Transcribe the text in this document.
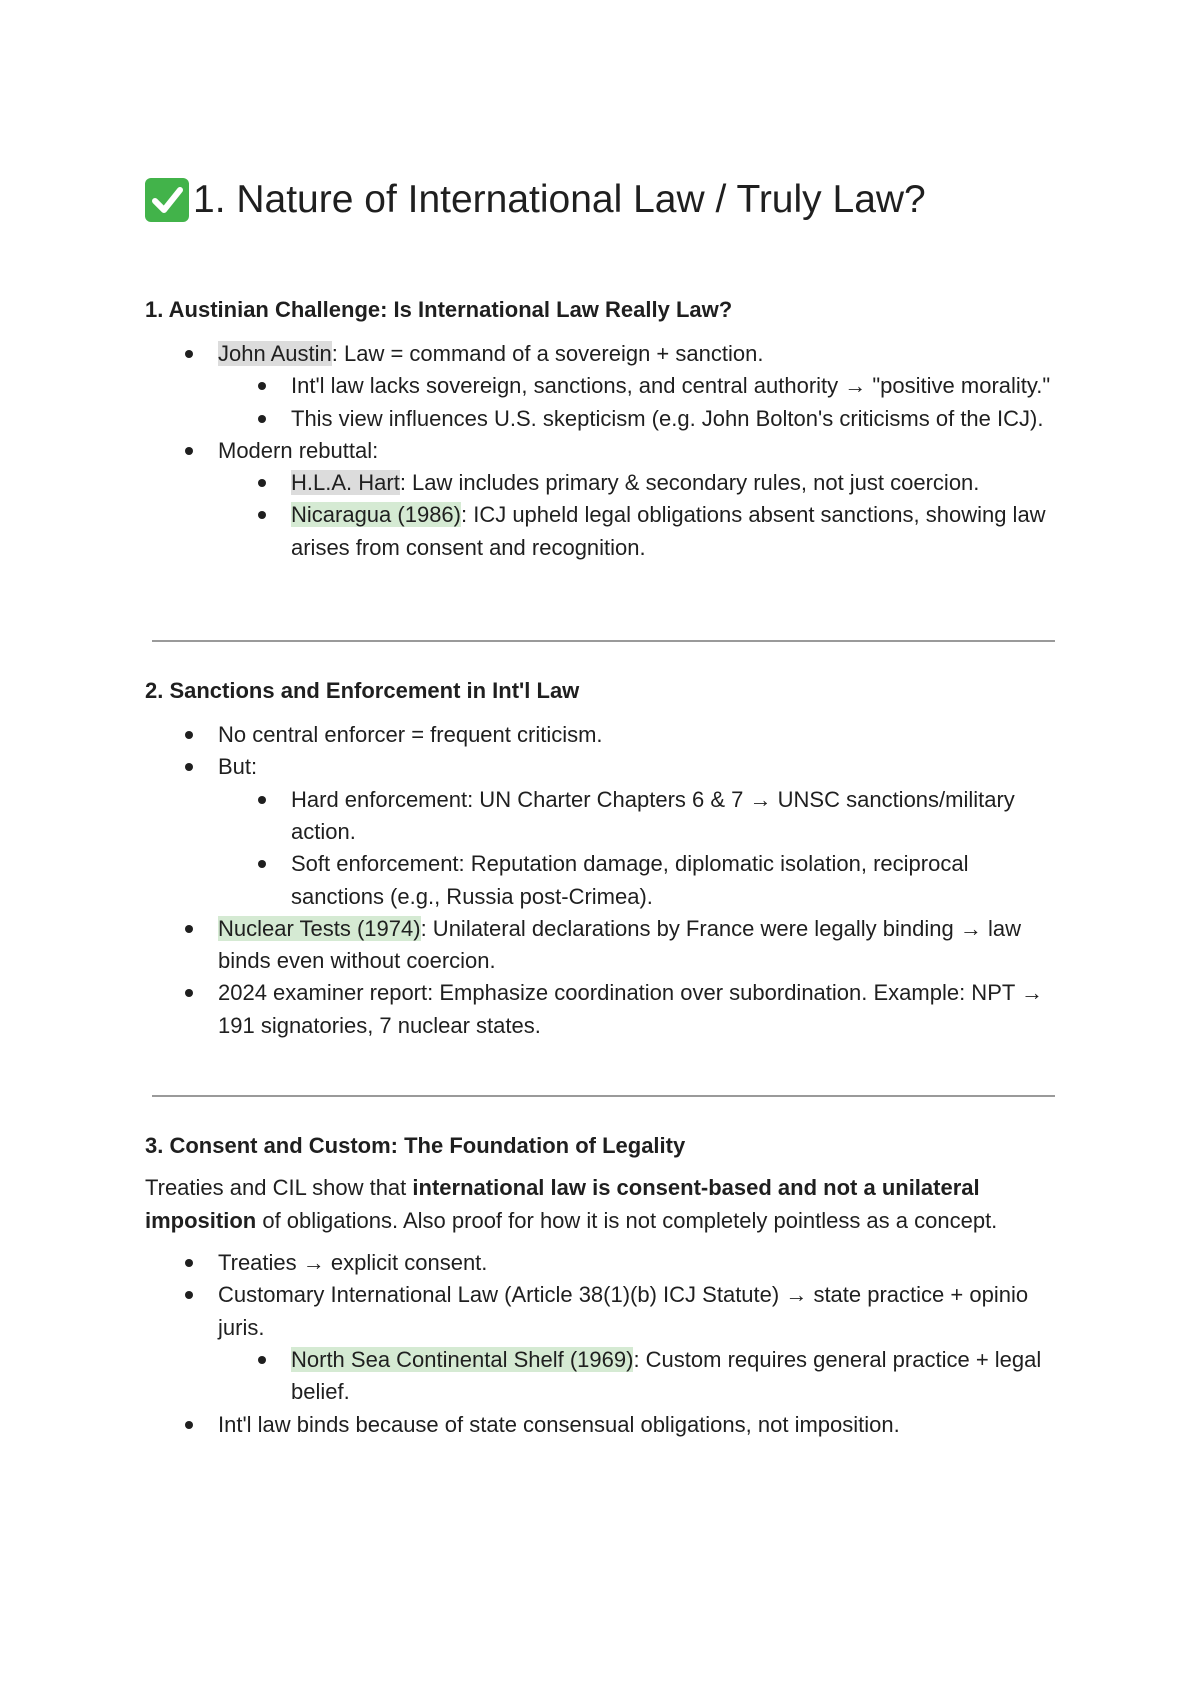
1. Nature of International Law / Truly Law?
1. Austinian Challenge: Is International Law Really Law?
John Austin: Law = command of a sovereign + sanction.
Int'l law lacks sovereign, sanctions, and central authority → "positive morality."
This view influences U.S. skepticism (e.g. John Bolton's criticisms of the ICJ).
Modern rebuttal:
H.L.A. Hart: Law includes primary & secondary rules, not just coercion.
Nicaragua (1986): ICJ upheld legal obligations absent sanctions, showing law arises from consent and recognition.
2. Sanctions and Enforcement in Int'l Law
No central enforcer = frequent criticism.
But:
Hard enforcement: UN Charter Chapters 6 & 7 → UNSC sanctions/military action.
Soft enforcement: Reputation damage, diplomatic isolation, reciprocal sanctions (e.g., Russia post-Crimea).
Nuclear Tests (1974): Unilateral declarations by France were legally binding → law binds even without coercion.
2024 examiner report: Emphasize coordination over subordination. Example: NPT → 191 signatories, 7 nuclear states.
3. Consent and Custom: The Foundation of Legality

Treaties and CIL show that international law is consent-based and not a unilateral imposition of obligations. Also proof for how it is not completely pointless as a concept.

Treaties → explicit consent.
Customary International Law (Article 38(1)(b) ICJ Statute) → state practice + opinio juris.
North Sea Continental Shelf (1969): Custom requires general practice + legal belief.
Int'l law binds because of state consensual obligations, not imposition.
